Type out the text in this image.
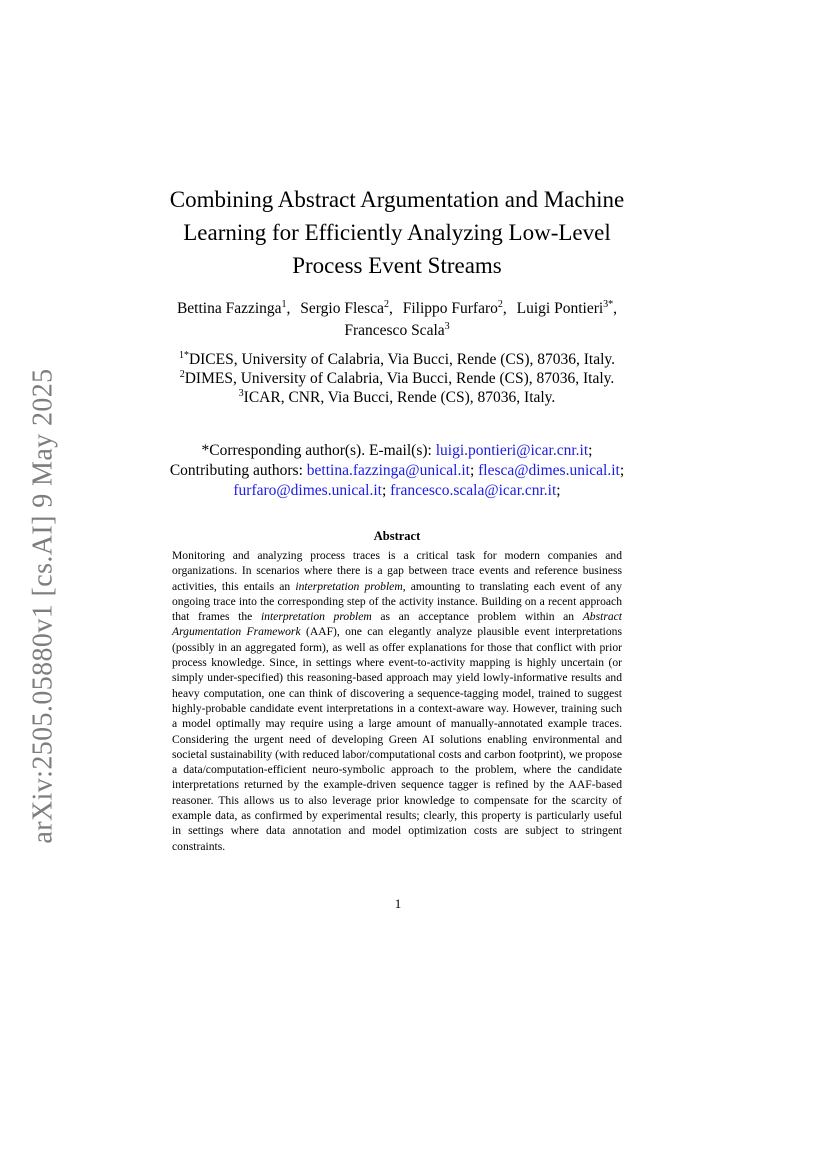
arXiv:2505.05880v1 [cs.AI] 9 May 2025
Combining Abstract Argumentation and Machine
Learning for Efficiently Analyzing Low-Level
Process Event Streams
Bettina Fazzinga$^1$, Sergio Flesca$^2$, Filippo Furfaro$^2$, Luigi Pontieri$^{3*}$,
Francesco Scala$^3$
$^{1*}$DICES, University of Calabria, Via Bucci, Rende (CS), 87036, Italy.
$^2$DIMES, University of Calabria, Via Bucci, Rende (CS), 87036, Italy.
$^3$ICAR, CNR, Via Bucci, Rende (CS), 87036, Italy.
*Corresponding author(s). E-mail(s): luigi.pontieri@icar.cnr.it;
Contributing authors: bettina.fazzinga@unical.it; flesca@dimes.unical.it;
furfaro@dimes.unical.it; francesco.scala@icar.cnr.it;
Abstract
Monitoring and analyzing process traces is a critical task for modern companies and organizations. In scenarios where there is a gap between trace events and reference business activities, this entails an interpretation problem, amounting to translating each event of any ongoing trace into the corresponding step of the activity instance. Building on a recent approach that frames the interpretation problem as an acceptance problem within an Abstract Argumentation Framework (AAF), one can elegantly analyze plausible event interpretations (possibly in an aggregated form), as well as offer explanations for those that conflict with prior process knowledge. Since, in settings where event-to-activity mapping is highly uncertain (or simply under-specified) this reasoning-based approach may yield lowly-informative results and heavy computation, one can think of discovering a sequence-tagging model, trained to suggest highly-probable candidate event interpretations in a context-aware way. However, training such a model optimally may require using a large amount of manually-annotated example traces. Considering the urgent need of developing Green AI solutions enabling environmental and societal sustainability (with reduced labor/computational costs and carbon footprint), we propose a data/computation-efficient neuro-symbolic approach to the problem, where the candidate interpretations returned by the example-driven sequence tagger is refined by the AAF-based reasoner. This allows us to also leverage prior knowledge to compensate for the scarcity of example data, as confirmed by experimental results; clearly, this property is particularly useful in settings where data annotation and model optimization costs are subject to stringent constraints.
1
